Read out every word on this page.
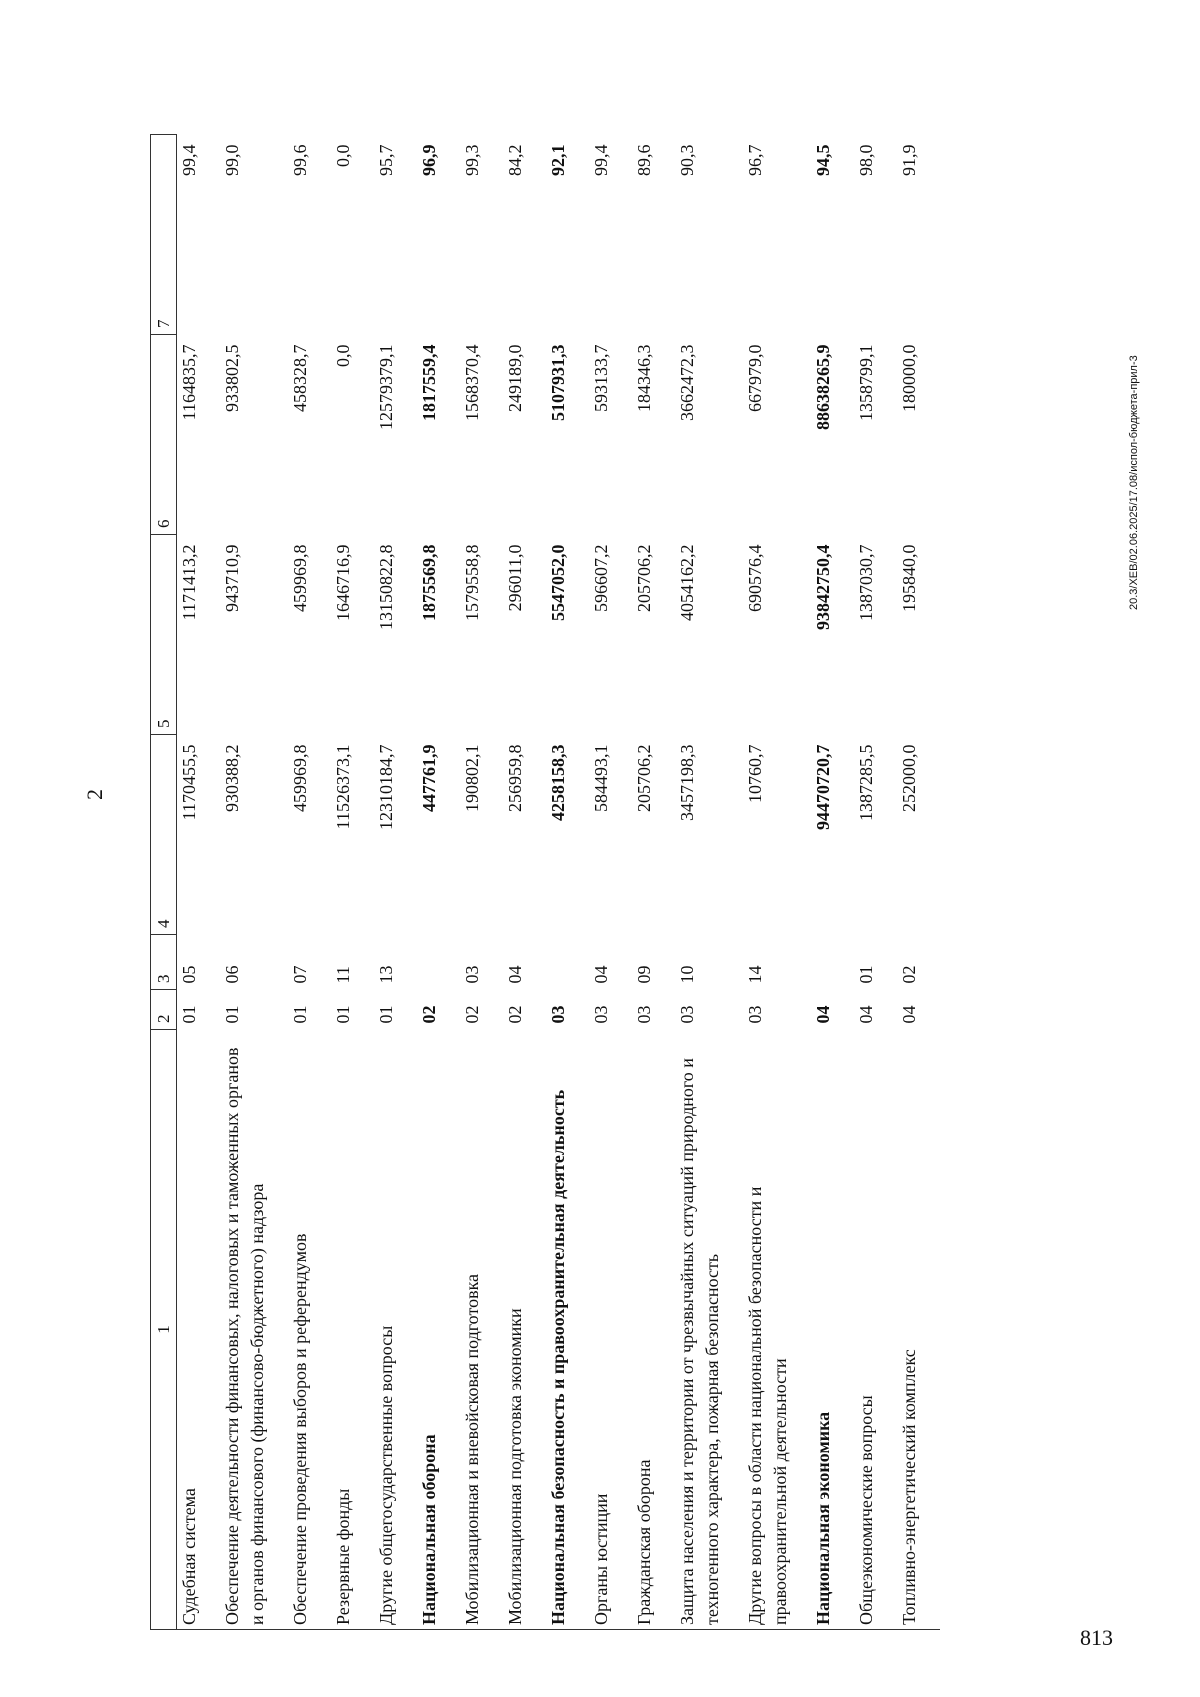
2
1	2	3	4	5	6	7
Судебная система	01	05	1170455,5	1171413,2	1164835,7	99,4
Обеспечение деятельности финансовых, налоговых и таможенных органов и органов финансового (финансово-бюджетного) надзора	01	06	930388,2	943710,9	933802,5	99,0
Обеспечение проведения выборов и референдумов	01	07	459969,8	459969,8	458328,7	99,6
Резервные фонды	01	11	11526373,1	1646716,9	0,0	0,0
Другие общегосударственные вопросы	01	13	12310184,7	13150822,8	12579379,1	95,7
Национальная оборона	02		447761,9	1875569,8	1817559,4	96,9
Мобилизационная и вневойсковая подготовка	02	03	190802,1	1579558,8	1568370,4	99,3
Мобилизационная подготовка экономики	02	04	256959,8	296011,0	249189,0	84,2
Национальная безопасность и правоохранительная деятельность	03		4258158,3	5547052,0	5107931,3	92,1
Органы юстиции	03	04	584493,1	596607,2	593133,7	99,4
Гражданская оборона	03	09	205706,2	205706,2	184346,3	89,6
Защита населения и территории от чрезвычайных ситуаций природного и техногенного характера, пожарная безопасность	03	10	3457198,3	4054162,2	3662472,3	90,3
Другие вопросы в области национальной безопасности и правоохранительной деятельности	03	14	10760,7	690576,4	667979,0	96,7
Национальная экономика	04		94470720,7	93842750,4	88638265,9	94,5
Общеэкономические вопросы	04	01	1387285,5	1387030,7	1358799,1	98,0
Топливно-энергетический комплекс	04	02	252000,0	195840,0	180000,0	91,9
20.3/XEB/02.06.2025/17.08/испол-бюджета-прил-3
813
